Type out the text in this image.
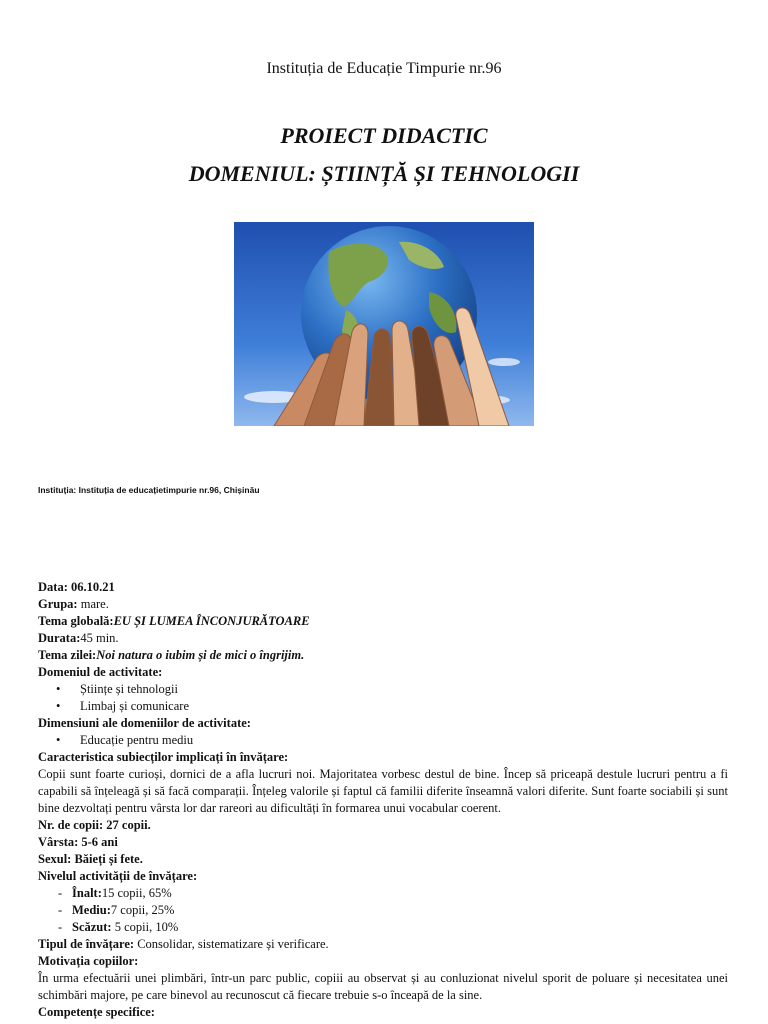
Instituția de Educație Timpurie nr.96
PROIECT DIDACTIC
DOMENIUL: ȘTIINȚĂ ȘI TEHNOLOGII
Instituția: Instituția de educațietimpurie nr.96, Chișinău
Data: 06.10.21
Grupa: mare.
Tema globală:EU ȘI LUMEA ÎNCONJURĂTOARE
Durata:45 min.
Tema zilei:Noi natura o iubim și de mici o îngrijim.
Domeniul de activitate:
• Științe și tehnologii
• Limbaj și comunicare
Dimensiuni ale domeniilor de activitate:
• Educație pentru mediu
Caracteristica subiecților implicați în învățare:
Copii sunt foarte curioși, dornici de a afla lucruri noi. Majoritatea vorbesc destul de bine. Încep să priceapă destule lucruri pentru a fi capabili să înțeleagă și să facă comparații. Înțeleg valorile și faptul că familii diferite înseamnă valori diferite. Sunt foarte sociabili și sunt bine dezvoltați pentru vârsta lor dar rareori au dificultăți în formarea unui vocabular coerent.
Nr. de copii: 27 copii.
Vârsta: 5-6 ani
Sexul: Băieți și fete.
Nivelul activității de învățare:
- Înalt:15 copii, 65%
- Mediu:7 copii, 25%
- Scăzut: 5 copii, 10%
Tipul de învățare: Consolidar, sistematizare și verificare.
Motivația copiilor:
În urma efectuării unei plimbări, într-un parc public, copiii au observat și au conluzionat nivelul sporit de poluare și necesitatea unei schimbări majore, pe care binevol au recunoscut că fiecare trebuie s-o înceapă de la sine.
Competențe specifice:
